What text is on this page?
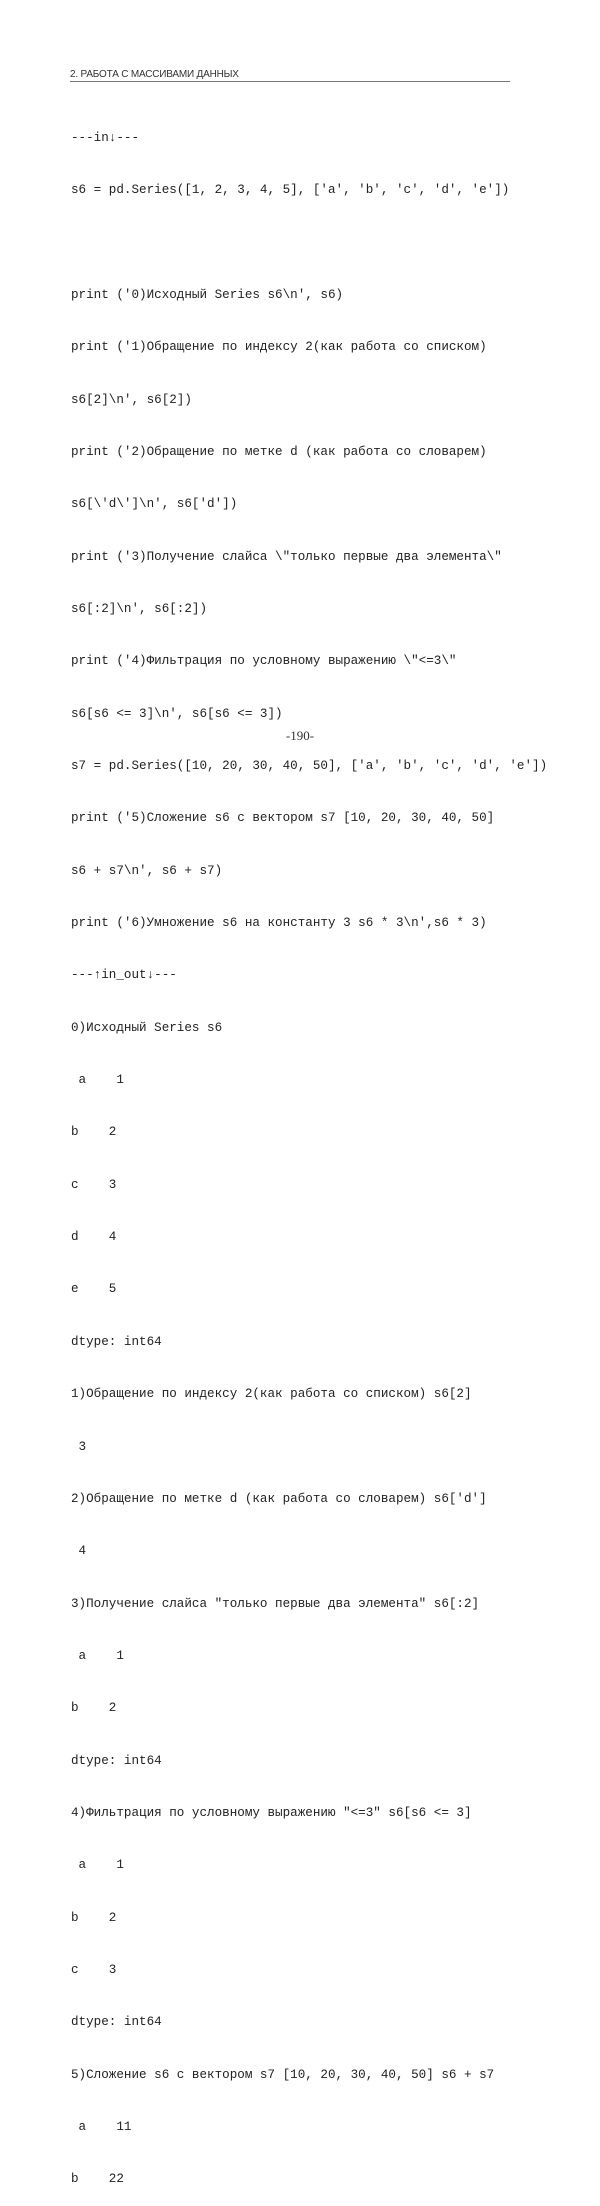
2. РАБОТА С МАССИВАМИ ДАННЫХ

---in↓---

s6 = pd.Series([1, 2, 3, 4, 5], ['a', 'b', 'c', 'd', 'e'])

print ('0)Исходный Series s6\n', s6)

print ('1)Обращение по индексу 2(как работа со списком)

s6[2]\n', s6[2])

print ('2)Обращение по метке d (как работа со словарем)

s6[\'d\']\n', s6['d'])

print ('3)Получение слайса \"только первые два элемента\"

s6[:2]\n', s6[:2])

print ('4)Фильтрация по условному выражению \"<=3\"

s6[s6 <= 3]\n', s6[s6 <= 3])

s7 = pd.Series([10, 20, 30, 40, 50], ['a', 'b', 'c', 'd', 'e'])

print ('5)Сложение s6 с вектором s7 [10, 20, 30, 40, 50]

s6 + s7\n', s6 + s7)

print ('6)Умножение s6 на константу 3 s6 * 3\n',s6 * 3)

---↑in_out↓---

0)Исходный Series s6

a    1

b    2

c    3

d    4

e    5

dtype: int64

1)Обращение по индексу 2(как работа со списком) s6[2]

3

2)Обращение по метке d (как работа со словарем) s6['d']

4

3)Получение слайса "только первые два элемента" s6[:2]

a    1

b    2

dtype: int64

4)Фильтрация по условному выражению "<=3" s6[s6 <= 3]

a    1

b    2

c    3

dtype: int64

5)Сложение s6 с вектором s7 [10, 20, 30, 40, 50] s6 + s7

a    11

b    22

-190-
